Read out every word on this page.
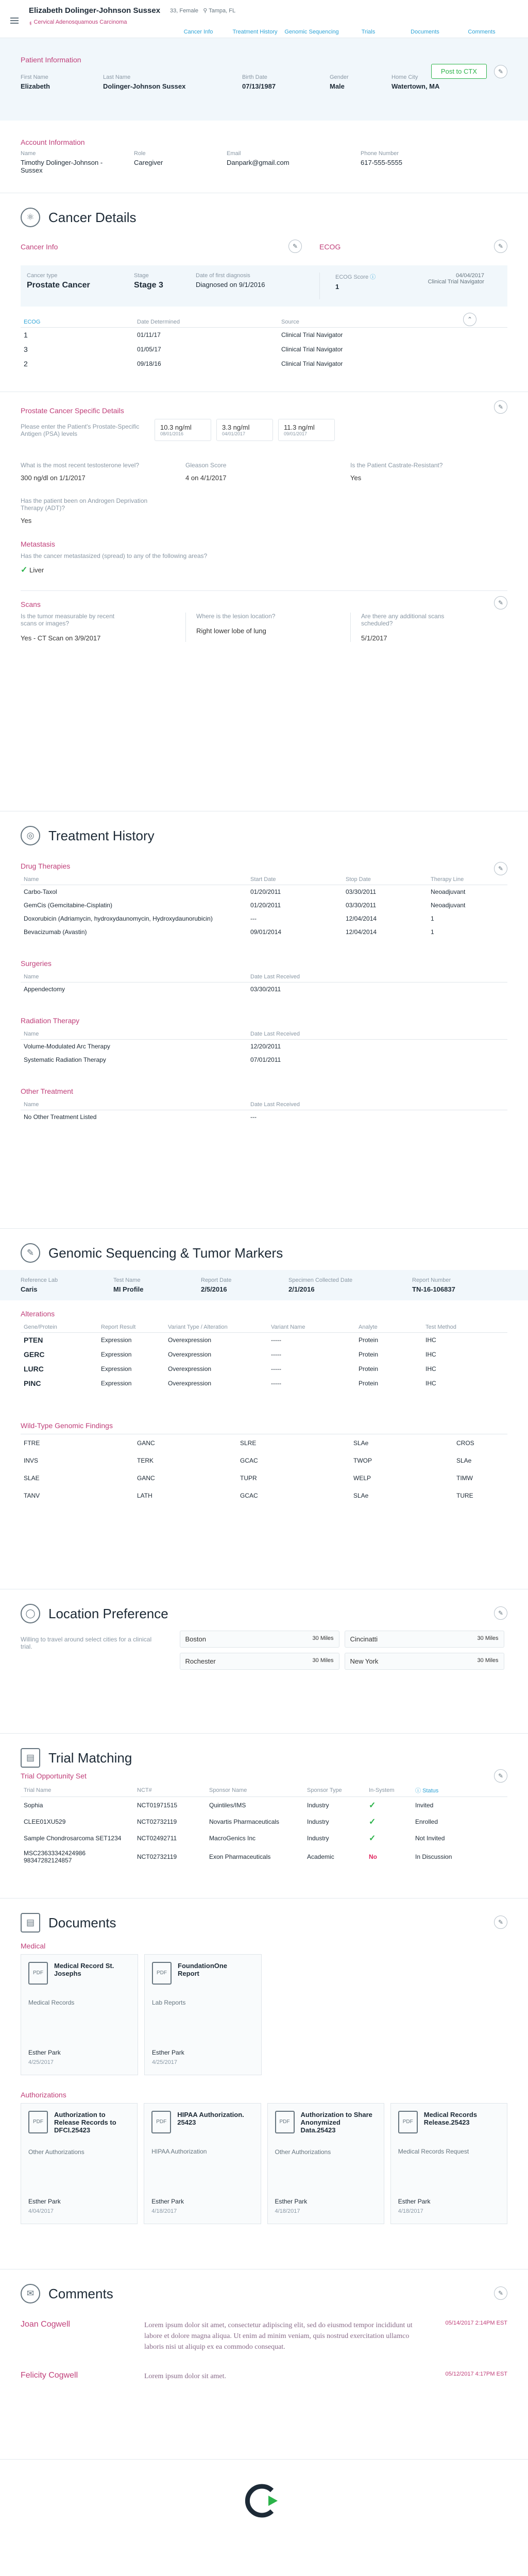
Elizabeth Dolinger-Johnson Sussex 33, Female ⚲ Tampa, FL
۽ Cervical Adenosquamous Carcinoma
Cancer Info	Treatment History	Genomic Sequencing	Trials	Documents	Comments
Patient Information
Post to CTX	✎
First Name
Elizabeth
Last Name
Dolinger-Johnson Sussex
Birth Date
07/13/1987
Gender
Male
Home City
Watertown, MA
Account Information
Name
Timothy Dolinger-Johnson - Sussex
Role
Caregiver
Email
Danpark@gmail.com
Phone Number
617-555-5555
⚛	Cancer Details
Cancer Info	✎	ECOG	✎
Cancer type
Prostate Cancer
Stage
Stage 3
Date of first diagnosis
Diagnosed on 9/1/2016
ECOG Score ⓘ
1
04/04/2017
Clinical Trial Navigator
⌃
ECOG	Date Determined	Source
1	01/11/17	Clinical Trial Navigator
3	01/05/17	Clinical Trial Navigator
2	09/18/16	Clinical Trial Navigator
Prostate Cancer Specific Details	✎
Please enter the Patient's Prostate-Specific Antigen (PSA) levels
10.3 ng/ml
08/01/2016
3.3 ng/ml
04/01/2017
11.3 ng/ml
09/01/2017
What is the most recent testosterone level?
300 ng/dl on 1/1/2017
Gleason Score
4 on 4/1/2017
Is the Patient Castrate-Resistant?
Yes
Has the patient been on Androgen Deprivation Therapy (ADT)?
Yes
Metastasis
Has the cancer metastasized (spread) to any of the following areas?
✓ Liver
Scans	✎
Is the tumor measurable by recent scans or images?
Yes - CT Scan on 3/9/2017
Where is the lesion location?
Right lower lobe of lung
Are there any additional scans scheduled?
5/1/2017
◎	Treatment History
✎
Drug Therapies
Name	Start Date	Stop Date	Therapy Line
Carbo-Taxol	01/20/2011	03/30/2011	Neoadjuvant
GemCis (Gemcitabine-Cisplatin)	01/20/2011	03/30/2011	Neoadjuvant
Doxorubicin (Adriamycin, hydroxydaunomycin, Hydroxydaunorubicin)	---	12/04/2014	1
Bevacizumab (Avastin)	09/01/2014	12/04/2014	1
Surgeries
Name	Date Last Received
Appendectomy	03/30/2011
Radiation Therapy
Name	Date Last Received
Volume-Modulated Arc Therapy	12/20/2011
Systematic Radiation Therapy	07/01/2011
Other Treatment
Name	Date Last Received
No Other Treatment Listed	---
✎	Genomic Sequencing & Tumor Markers
Reference Lab
Caris
Test Name
MI Profile
Report Date
2/5/2016
Specimen Collected Date
2/1/2016
Report Number
TN-16-106837
Alterations
Gene/Protein	Report Result	Variant Type / Alteration	Variant Name	Analyte	Test Method
PTEN	Expression	Overexpression	-----	Protein	IHC
GERC	Expression	Overexpression	-----	Protein	IHC
LURC	Expression	Overexpression	-----	Protein	IHC
PINC	Expression	Overexpression	-----	Protein	IHC
Wild-Type Genomic Findings
FTRE	GANC	SLRE	SLAe	CROS
INVS	TERK	GCAC	TWOP	SLAe
SLAE	GANC	TUPR	WELP	TIMW
TANV	LATH	GCAC	SLAe	TURE
◯ Location Preference	✎
Willing to travel around select cities for a clinical trial.
Boston	30 Miles Cincinatti	30 Miles
Rochester	30 Miles New York	30 Miles
▤	Trial Matching
✎
Trial Opportunity Set
Trial Name	NCT#	Sponsor Name	Sponsor Type	In-System	ⓘ Status
Sophia	NCT01971515	Quintiles/IMS	Industry	✓	Invited
CLEE01XU529	NCT02732119	Novartis Pharmaceuticals	Industry	✓	Enrolled
Sample Chondrosarcoma SET1234	NCT02492711	MacroGenics Inc	Industry	✓	Not Invited
MSC23633342424986 98347282124857	NCT02732119	Exon Pharmaceuticals	Academic	No	In Discussion
▤	Documents	✎
Medical
PDFMedical Record St. Josephs
Medical Records
Esther Park
4/25/2017
PDFFoundationOne Report
Lab Reports
Esther Park
4/25/2017
Authorizations
PDFAuthorization to Release Records to DFCI.25423
Other Authorizations
Esther Park
4/04/2017
PDFHIPAA Authorization. 25423
HIPAA Authorization
Esther Park
4/18/2017
PDFAuthorization to Share Anonymized Data.25423
Other Authorizations
Esther Park
4/18/2017
PDFMedical Records Release.25423
Medical Records Request
Esther Park
4/18/2017
✉	Comments	✎
Joan Cogwell	Lorem ipsum dolor sit amet, consectetur adipiscing elit, sed do eiusmod tempor incididunt ut labore et dolore magna aliqua. Ut enim ad minim veniam, quis nostrud exercitation ullamco laboris nisi ut aliquip ex ea commodo consequat.
05/14/2017 2:14PM EST
Felicity Cogwell	Lorem ipsum dolor sit amet.	05/12/2017 4:17PM EST
